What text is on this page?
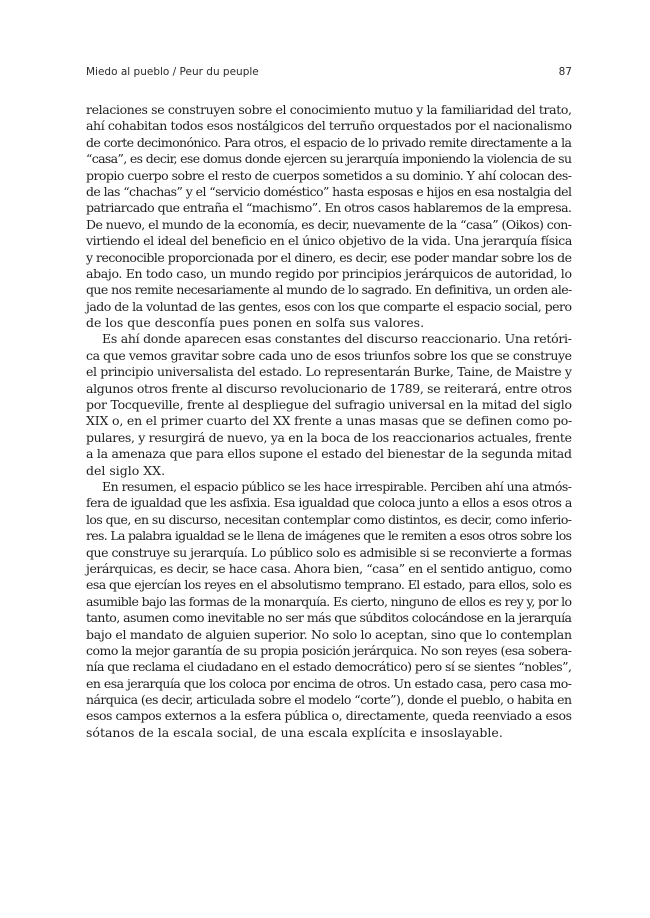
Miedo al pueblo / Peur du peuple	87
relaciones se construyen sobre el conocimiento mutuo y la familiaridad del trato,
ahí cohabitan todos esos nostálgicos del terruño orquestados por el nacionalismo
de corte decimonónico. Para otros, el espacio de lo privado remite directamente a la
“casa”, es decir, ese domus donde ejercen su jerarquía imponiendo la violencia de su
propio cuerpo sobre el resto de cuerpos sometidos a su dominio. Y ahí colocan des-
de las “chachas” y el “servicio doméstico” hasta esposas e hijos en esa nostalgia del
patriarcado que entraña el “machismo”. En otros casos hablaremos de la empresa.
De nuevo, el mundo de la economía, es decir, nuevamente de la “casa” (Oikos) con-
virtiendo el ideal del beneficio en el único objetivo de la vida. Una jerarquía física
y reconocible proporcionada por el dinero, es decir, ese poder mandar sobre los de
abajo. En todo caso, un mundo regido por principios jerárquicos de autoridad, lo
que nos remite necesariamente al mundo de lo sagrado. En definitiva, un orden ale-
jado de la voluntad de las gentes, esos con los que comparte el espacio social, pero
de los que desconfía pues ponen en solfa sus valores.
Es ahí donde aparecen esas constantes del discurso reaccionario. Una retóri-
ca que vemos gravitar sobre cada uno de esos triunfos sobre los que se construye
el principio universalista del estado. Lo representarán Burke, Taine, de Maistre y
algunos otros frente al discurso revolucionario de 1789, se reiterará, entre otros
por Tocqueville, frente al despliegue del sufragio universal en la mitad del siglo
XIX o, en el primer cuarto del XX frente a unas masas que se definen como po-
pulares, y resurgirá de nuevo, ya en la boca de los reaccionarios actuales, frente
a la amenaza que para ellos supone el estado del bienestar de la segunda mitad
del siglo XX.
En resumen, el espacio público se les hace irrespirable. Perciben ahí una atmós-
fera de igualdad que les asfixia. Esa igualdad que coloca junto a ellos a esos otros a
los que, en su discurso, necesitan contemplar como distintos, es decir, como inferio-
res. La palabra igualdad se le llena de imágenes que le remiten a esos otros sobre los
que construye su jerarquía. Lo público solo es admisible si se reconvierte a formas
jerárquicas, es decir, se hace casa. Ahora bien, “casa” en el sentido antiguo, como
esa que ejercían los reyes en el absolutismo temprano. El estado, para ellos, solo es
asumible bajo las formas de la monarquía. Es cierto, ninguno de ellos es rey y, por lo
tanto, asumen como inevitable no ser más que súbditos colocándose en la jerarquía
bajo el mandato de alguien superior. No solo lo aceptan, sino que lo contemplan
como la mejor garantía de su propia posición jerárquica. No son reyes (esa sobera-
nía que reclama el ciudadano en el estado democrático) pero sí se sientes “nobles”,
en esa jerarquía que los coloca por encima de otros. Un estado casa, pero casa mo-
nárquica (es decir, articulada sobre el modelo “corte”), donde el pueblo, o habita en
esos campos externos a la esfera pública o, directamente, queda reenviado a esos
sótanos de la escala social, de una escala explícita e insoslayable.
